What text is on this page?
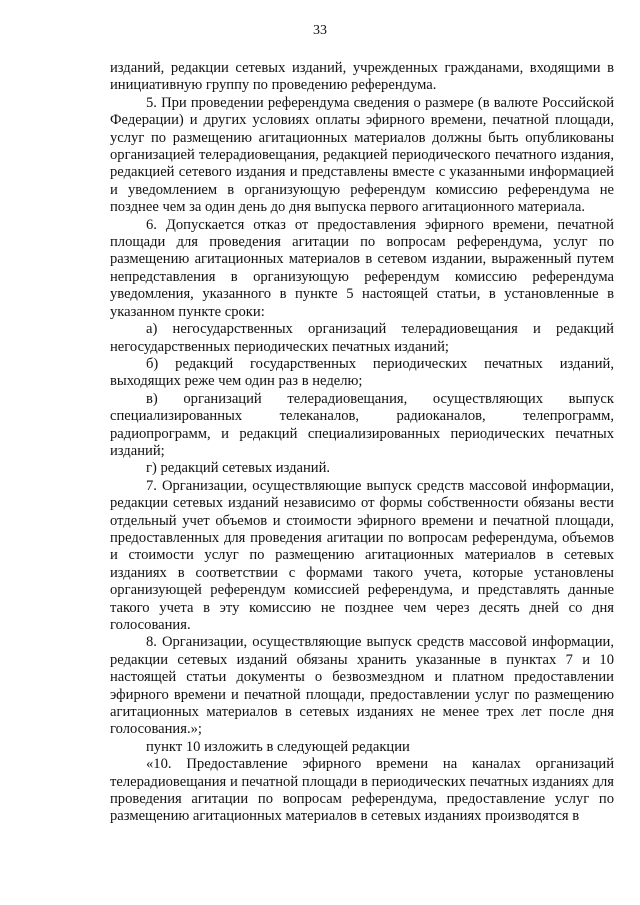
33

изданий, редакции сетевых изданий, учрежденных гражданами, входящими в инициативную группу по проведению референдума.

5. При проведении референдума сведения о размере (в валюте Российской Федерации) и других условиях оплаты эфирного времени, печатной площади, услуг по размещению агитационных материалов должны быть опубликованы организацией телерадиовещания, редакцией периодического печатного издания, редакцией сетевого издания и представлены вместе с указанными информацией и уведомлением в организующую референдум комиссию референдума не позднее чем за один день до дня выпуска первого агитационного материала.

6. Допускается отказ от предоставления эфирного времени, печатной площади для проведения агитации по вопросам референдума, услуг по размещению агитационных материалов в сетевом издании, выраженный путем непредставления в организующую референдум комиссию референдума уведомления, указанного в пункте 5 настоящей статьи, в установленные в указанном пункте сроки:

а) негосударственных организаций телерадиовещания и редакций негосударственных периодических печатных изданий;

б) редакций государственных периодических печатных изданий, выходящих реже чем один раз в неделю;

в) организаций телерадиовещания, осуществляющих выпуск специализированных телеканалов, радиоканалов, телепрограмм, радиопрограмм, и редакций специализированных периодических печатных изданий;

г) редакций сетевых изданий.

7. Организации, осуществляющие выпуск средств массовой информации, редакции сетевых изданий независимо от формы собственности обязаны вести отдельный учет объемов и стоимости эфирного времени и печатной площади, предоставленных для проведения агитации по вопросам референдума, объемов и стоимости услуг по размещению агитационных материалов в сетевых изданиях в соответствии с формами такого учета, которые установлены организующей референдум комиссией референдума, и представлять данные такого учета в эту комиссию не позднее чем через десять дней со дня голосования.

8. Организации, осуществляющие выпуск средств массовой информации, редакции сетевых изданий обязаны хранить указанные в пунктах 7 и 10 настоящей статьи документы о безвозмездном и платном предоставлении эфирного времени и печатной площади, предоставлении услуг по размещению агитационных материалов в сетевых изданиях не менее трех лет после дня голосования.»;

пункт 10 изложить в следующей редакции

«10. Предоставление эфирного времени на каналах организаций телерадиовещания и печатной площади в периодических печатных изданиях для проведения агитации по вопросам референдума, предоставление услуг по размещению агитационных материалов в сетевых изданиях производятся в
